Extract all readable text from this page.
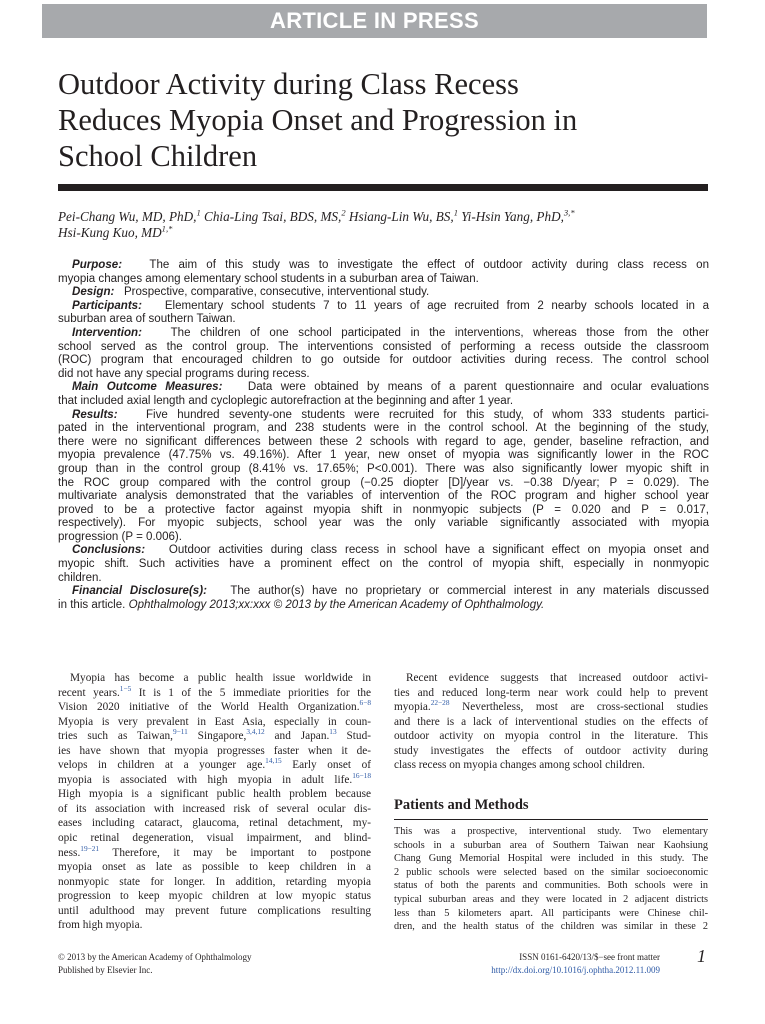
ARTICLE IN PRESS
Outdoor Activity during Class Recess
Reduces Myopia Onset and Progression in
School Children
Pei-Chang Wu, MD, PhD,$^1$ Chia-Ling Tsai, BDS, MS,$^2$ Hsiang-Lin Wu, BS,$^1$ Yi-Hsin Yang, PhD,$^{3,*}$
Hsi-Kung Kuo, $MD^{1,*}$
Purpose: The aim of this study was to investigate the effect of outdoor activity during class recess on
myopia changes among elementary school students in a suburban area of Taiwan.
Design: Prospective, comparative, consecutive, interventional study.
Participants: Elementary school students 7 to 11 years of age recruited from 2 nearby schools located in a
suburban area of southern Taiwan.
Intervention: The children of one school participated in the interventions, whereas those from the other
school served as the control group. The interventions consisted of performing a recess outside the classroom
(ROC) program that encouraged children to go outside for outdoor activities during recess. The control school
did not have any special programs during recess.
Main Outcome Measures: Data were obtained by means of a parent questionnaire and ocular evaluations
that included axial length and cycloplegic autorefraction at the beginning and after 1 year.
Results: Five hundred seventy-one students were recruited for this study, of whom 333 students partici-
pated in the interventional program, and 238 students were in the control school. At the beginning of the study,
there were no significant differences between these 2 schools with regard to age, gender, baseline refraction, and
myopia prevalence (47.75% vs. 49.16%). After 1 year, new onset of myopia was significantly lower in the ROC
group than in the control group (8.41% vs. 17.65%; P<0.001). There was also significantly lower myopic shift in
the ROC group compared with the control group (−0.25 diopter [D]/year vs. −0.38 D/year; P = 0.029). The
multivariate analysis demonstrated that the variables of intervention of the ROC program and higher school year
proved to be a protective factor against myopia shift in nonmyopic subjects (P = 0.020 and P = 0.017,
respectively). For myopic subjects, school year was the only variable significantly associated with myopia
progression (P = 0.006).
Conclusions: Outdoor activities during class recess in school have a significant effect on myopia onset and
myopic shift. Such activities have a prominent effect on the control of myopia shift, especially in nonmyopic
children.
Financial Disclosure(s): The author(s) have no proprietary or commercial interest in any materials discussed
in this article. Ophthalmology 2013;xx:xxx © 2013 by the American Academy of Ophthalmology.
Myopia has become a public health issue worldwide in
recent years.$^{1-5}$ It is 1 of the 5 immediate priorities for the
Vision 2020 initiative of the World Health Organization.$^{6-8}$
Myopia is very prevalent in East Asia, especially in coun-
tries such as Taiwan,$^{9-11}$ Singapore,$^{3,4,12}$ and Japan.$^{13}$ Stud-
ies have shown that myopia progresses faster when it de-
velops in children at a younger age.$^{14,15}$ Early onset of
myopia is associated with high myopia in adult life.$^{16-18}$
High myopia is a significant public health problem because
of its association with increased risk of several ocular dis-
eases including cataract, glaucoma, retinal detachment, my-
opic retinal degeneration, visual impairment, and blind-
ness.$^{19-21}$ Therefore, it may be important to postpone
myopia onset as late as possible to keep children in a
nonmyopic state for longer. In addition, retarding myopia
progression to keep myopic children at low myopic status
until adulthood may prevent future complications resulting
from high myopia.
Recent evidence suggests that increased outdoor activi-
ties and reduced long-term near work could help to prevent
myopia.$^{22-28}$ Nevertheless, most are cross-sectional studies
and there is a lack of interventional studies on the effects of
outdoor activity on myopia control in the literature. This
study investigates the effects of outdoor activity during
class recess on myopia changes among school children.
Patients and Methods
This was a prospective, interventional study. Two elementary
schools in a suburban area of Southern Taiwan near Kaohsiung
Chang Gung Memorial Hospital were included in this study. The
2 public schools were selected based on the similar socioeconomic
status of both the parents and communities. Both schools were in
typical suburban areas and they were located in 2 adjacent districts
less than 5 kilometers apart. All participants were Chinese chil-
dren, and the health status of the children was similar in these 2
© 2013 by the American Academy of Ophthalmology
Published by Elsevier Inc.
ISSN 0161-6420/13/$−see front matter
http://dx.doi.org/10.1016/j.ophtha.2012.11.009
1
